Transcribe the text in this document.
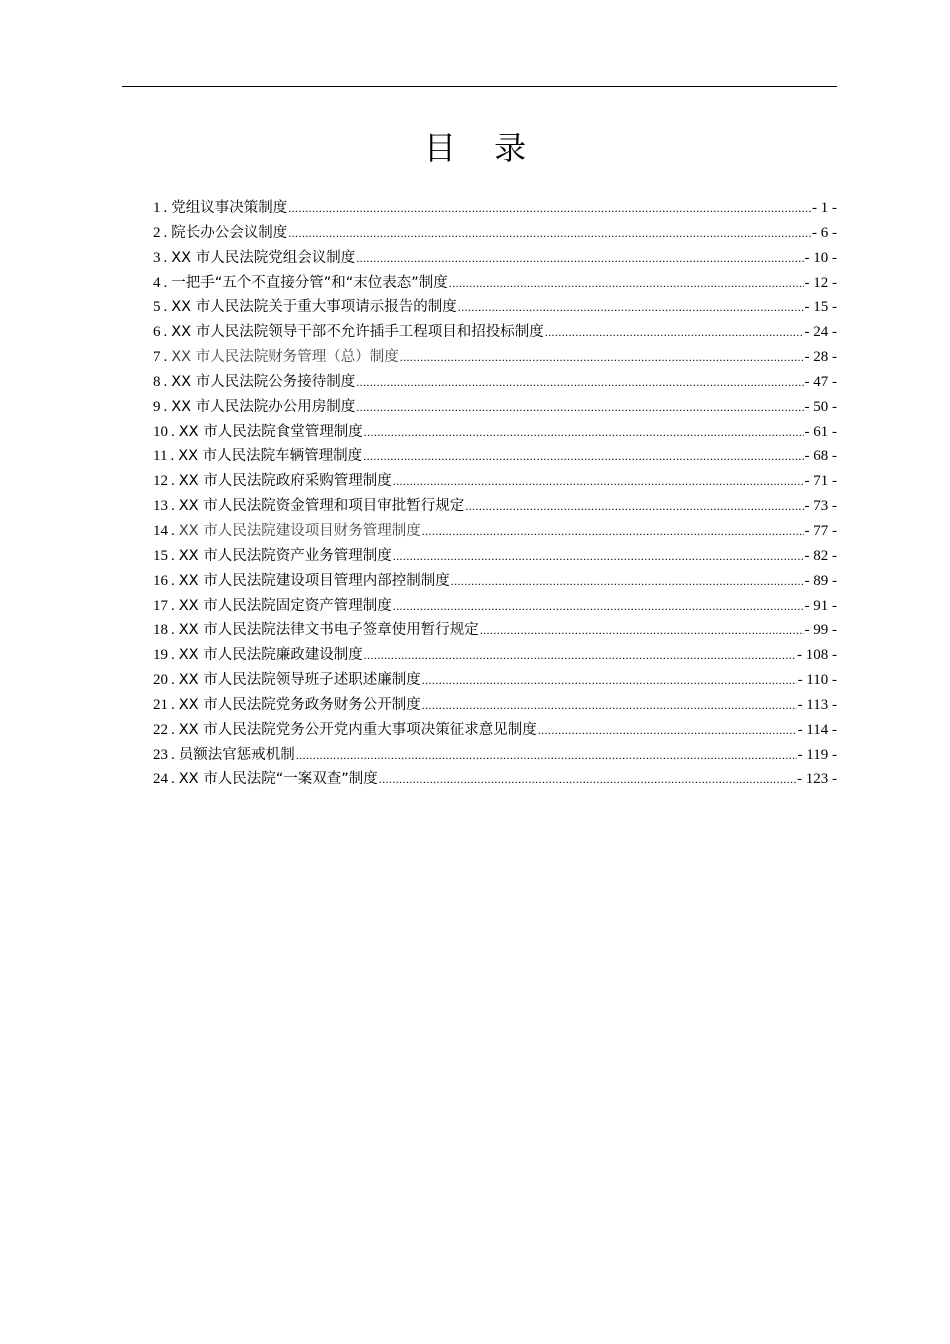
目 录
1 . 党组议事决策制度 .....	- 1 -
2 . 院长办公会议制度 .....	- 6 -
3 . XX 市人民法院党组会议制度 .....	- 10 -
4 . 一把手“五个不直接分管”和“末位表态”制度 .....	- 12 -
5 . XX 市人民法院关于重大事项请示报告的制度 .....	- 15 -
6 . XX 市人民法院领导干部不允许插手工程项目和招投标制度 .....	- 24 -
7 . XX 市人民法院财务管理（总）制度 .....	- 28 -
8 . XX 市人民法院公务接待制度 .....	- 47 -
9 . XX 市人民法院办公用房制度 .....	- 50 -
10 . XX 市人民法院食堂管理制度 .....	- 61 -
11 . XX 市人民法院车辆管理制度 .....	- 68 -
12 . XX 市人民法院政府采购管理制度 .....	- 71 -
13 . XX 市人民法院资金管理和项目审批暂行规定 .....	- 73 -
14 . XX 市人民法院建设项目财务管理制度 .....	- 77 -
15 . XX 市人民法院资产业务管理制度 .....	- 82 -
16 . XX 市人民法院建设项目管理内部控制制度 .....	- 89 -
17 . XX 市人民法院固定资产管理制度 .....	- 91 -
18 . XX 市人民法院法律文书电子签章使用暂行规定 .....	- 99 -
19 . XX 市人民法院廉政建设制度 .....	- 108 -
20 . XX 市人民法院领导班子述职述廉制度 .....	- 110 -
21 . XX 市人民法院党务政务财务公开制度 .....	- 113 -
22 . XX 市人民法院党务公开党内重大事项决策征求意见制度 .....	- 114 -
23 . 员额法官惩戒机制 .....	- 119 -
24 . XX 市人民法院“一案双查”制度 .....	- 123 -
